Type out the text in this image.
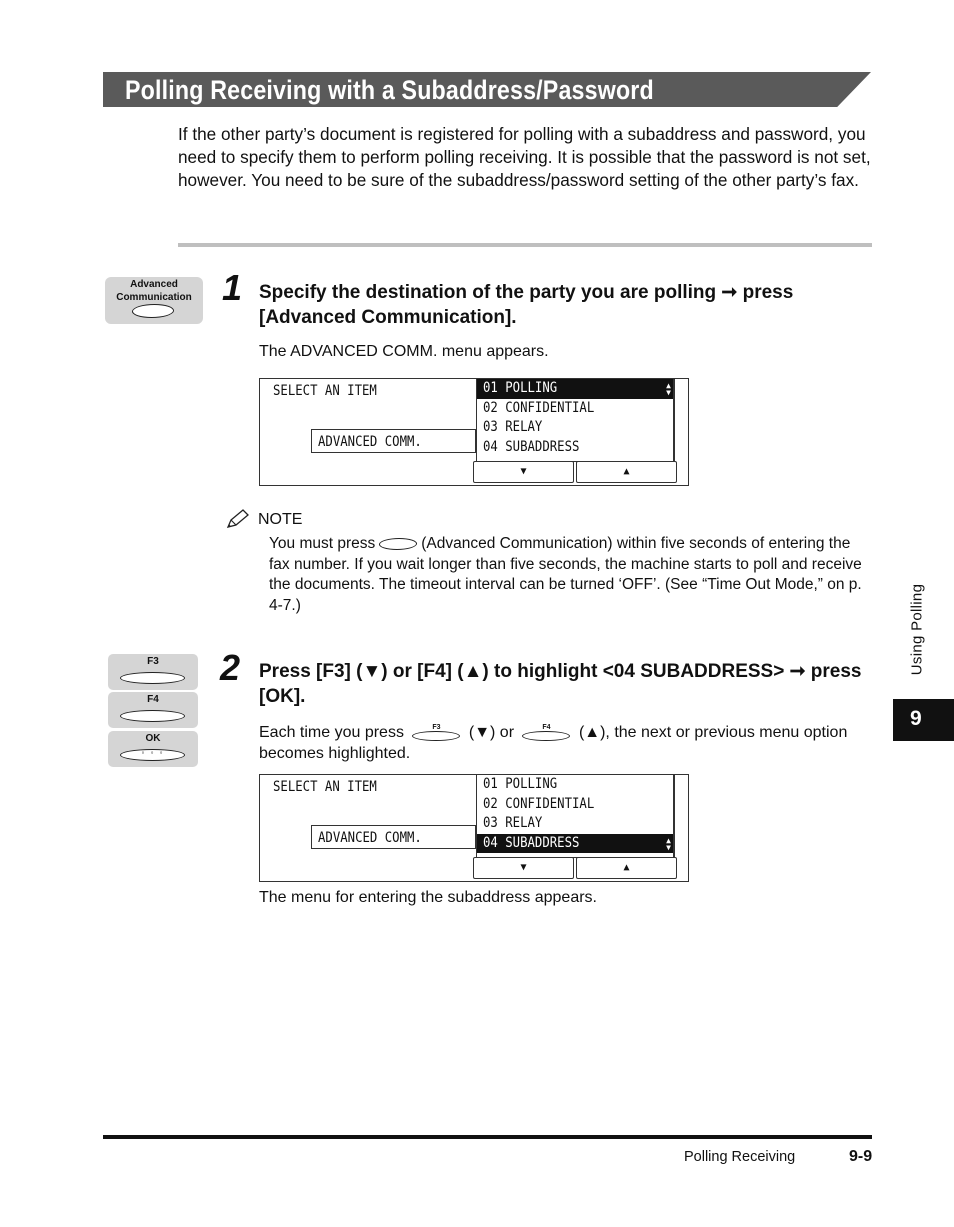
Polling Receiving with a Subaddress/Password
If the other party’s document is registered for polling with a subaddress and password, you need to specify them to perform polling receiving. It is possible that the password is not set, however. You need to be sure of the subaddress/password setting of the other party’s fax.
Advanced
Communication 1 Specify the destination of the party you are polling ➞ press [Advanced Communication].
The ADVANCED COMM. menu appears.
SELECT AN ITEM
ADVANCED COMM.
01 POLLING	▲
▼
02 CONFIDENTIAL
03 RELAY
04 SUBADDRESS
▼	▲
NOTE
You must press	(Advanced Communication) within five seconds of entering the fax number. If you wait longer than five seconds, the machine starts to poll and receive the documents. The timeout interval can be turned ‘OFF’. (See “Time Out Mode,” on p. 4-7.)
F3
F4
OK
◦ ◦ ◦
2 Press [F3] (▼) or [F4] (▲) to highlight <04 SUBADDRESS> ➞ press [OK].
Each time you press	F3 (▼) or	F4 (▲), the next or previous menu option becomes highlighted.
SELECT AN ITEM
ADVANCED COMM.
01 POLLING
02 CONFIDENTIAL
03 RELAY
04 SUBADDRESS	▲
▼
▼	▲
The menu for entering the subaddress appears.
Using Polling
9
Polling Receiving	9-9
